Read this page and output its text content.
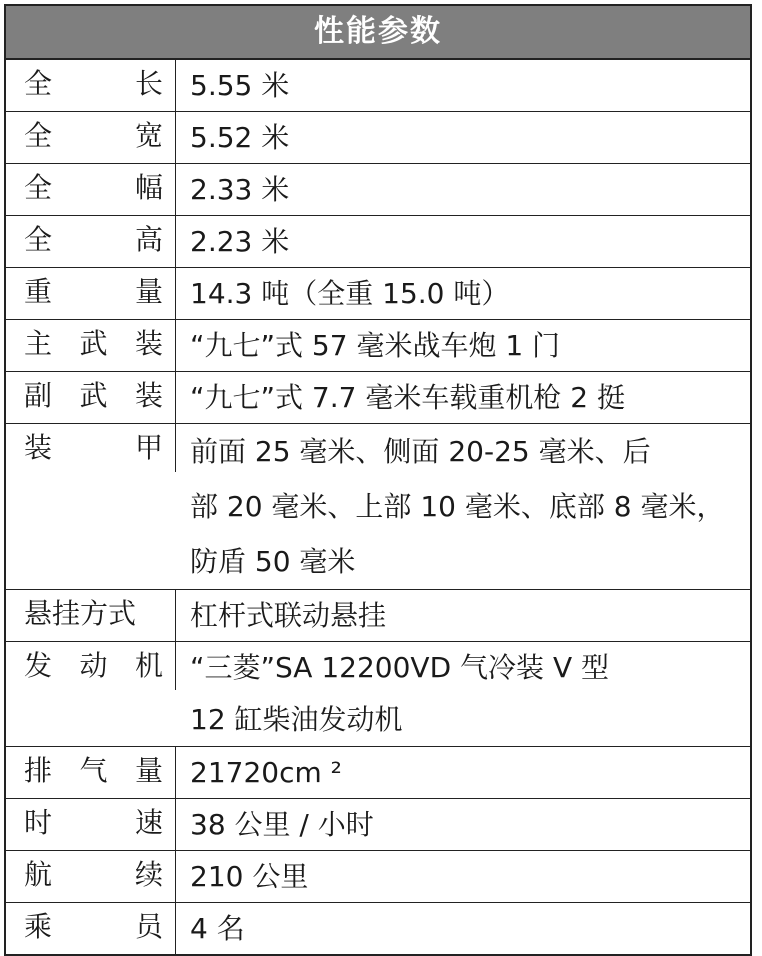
性能参数
全	长 5.55 米
全	宽 5.52 米
全	幅 2.33 米
全	高 2.23 米
重	量 14.3 吨（全重 15.0 吨）
主 武 装 “九七”式 57 毫米战车炮 1 门
副 武 装 “九七”式 7.7 毫米车载重机枪 2 挺
装	甲 前面 25 毫米、侧面 20-25 毫米、后
部 20 毫米、上部 10 毫米、底部 8 毫米，
防盾 50 毫米
悬挂方式	杠杆式联动悬挂
发 动 机 “三菱”SA 12200VD 气冷装 V 型
12 缸柴油发动机
排 气 量 21720cm ²
时	速 38 公里 / 小时
航	续 210 公里
乘	员 4 名
